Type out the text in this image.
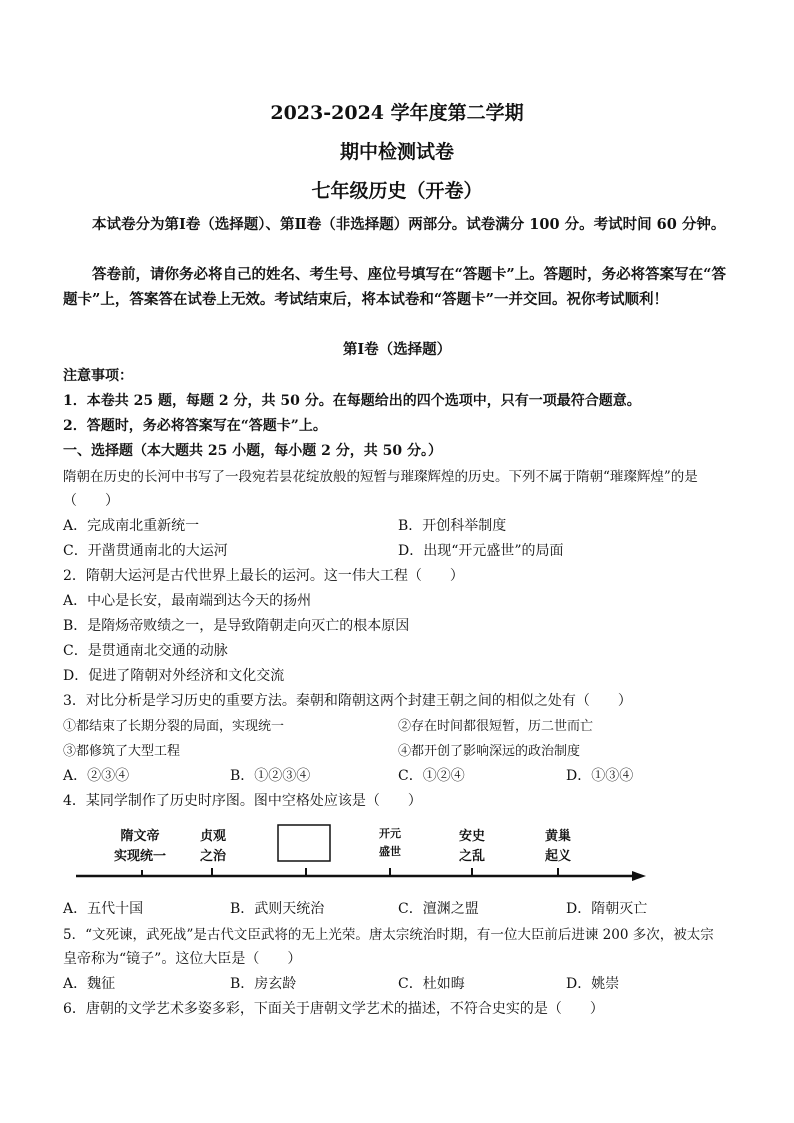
2023-2024 学年度第二学期
期中检测试卷
七年级历史（开卷）
本试卷分为第Ⅰ卷（选择题）、第Ⅱ卷（非选择题）两部分。试卷满分 100 分。考试时间 60 分钟。
答卷前，请你务必将自己的姓名、考生号、座位号填写在“答题卡”上。答题时，务必将答案写在“答题卡”上，答案答在试卷上无效。考试结束后，将本试卷和“答题卡”一并交回。祝你考试顺利！
第Ⅰ卷（选择题）
注意事项：
1．本卷共 25 题，每题 2 分，共 50 分。在每题给出的四个选项中，只有一项最符合题意。
2．答题时，务必将答案写在“答题卡”上。
一、选择题（本大题共 25 小题，每小题 2 分，共 50 分。）
隋朝在历史的长河中书写了一段宛若昙花绽放般的短暂与璀璨辉煌的历史。下列不属于隋朝“璀璨辉煌”的是
（　　）
A．完成南北重新统一	B．开创科举制度
C．开凿贯通南北的大运河	D．出现“开元盛世”的局面
2．隋朝大运河是古代世界上最长的运河。这一伟大工程（　　）
A．中心是长安，最南端到达今天的扬州
B．是隋炀帝败绩之一，是导致隋朝走向灭亡的根本原因
C．是贯通南北交通的动脉
D．促进了隋朝对外经济和文化交流
3．对比分析是学习历史的重要方法。秦朝和隋朝这两个封建王朝之间的相似之处有（　　）
①都结束了长期分裂的局面，实现统一	②存在时间都很短暂，历二世而亡
③都修筑了大型工程	④都开创了影响深远的政治制度
A．②③④	B．①②③④	C．①②④	D．①③④
4．某同学制作了历史时序图。图中空格处应该是（　　）
隋文帝
实现统一
贞观
之治
开元
盛世
安史
之乱
黄巢
起义
A．五代十国	B．武则天统治	C．澶渊之盟	D．隋朝灭亡
5．“文死谏，武死战”是古代文臣武将的无上光荣。唐太宗统治时期，有一位大臣前后进谏 200 多次，被太宗
皇帝称为“镜子”。这位大臣是（　　）
A．魏征	B．房玄龄	C．杜如晦	D．姚崇
6．唐朝的文学艺术多姿多彩，下面关于唐朝文学艺术的描述，不符合史实的是（　　）
